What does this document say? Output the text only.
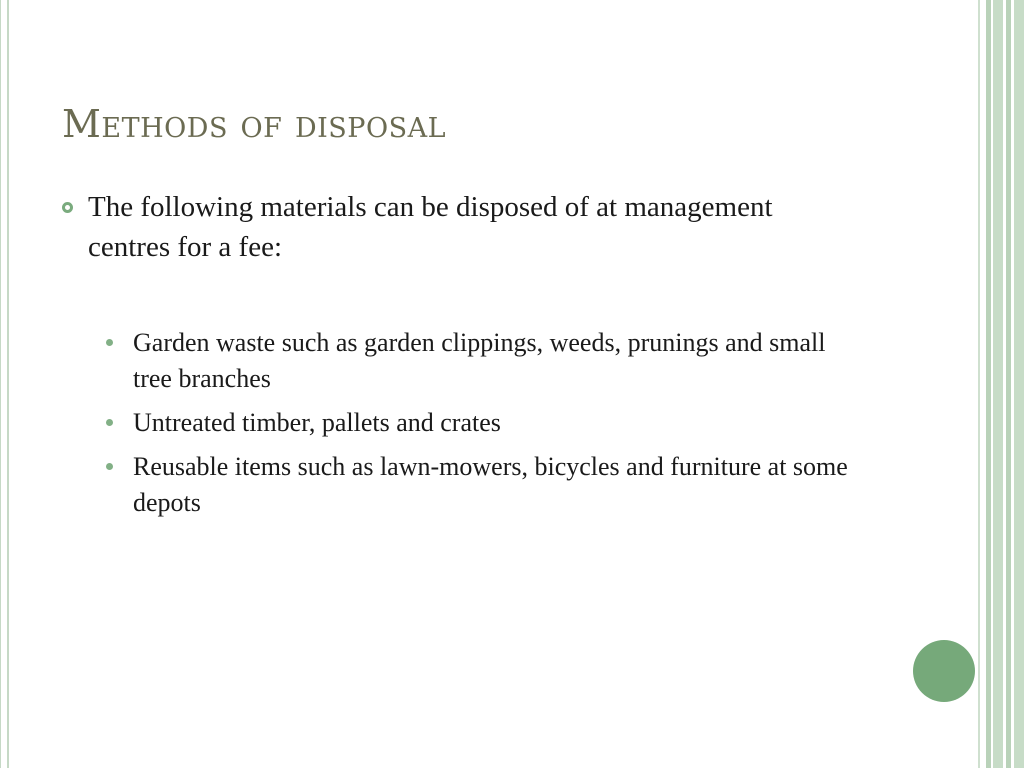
Methods of disposal
The following materials can be disposed of at management centres for a fee:
Garden waste such as garden clippings, weeds, prunings and small tree branches
Untreated timber, pallets and crates
Reusable items such as lawn-mowers, bicycles and furniture at some depots
